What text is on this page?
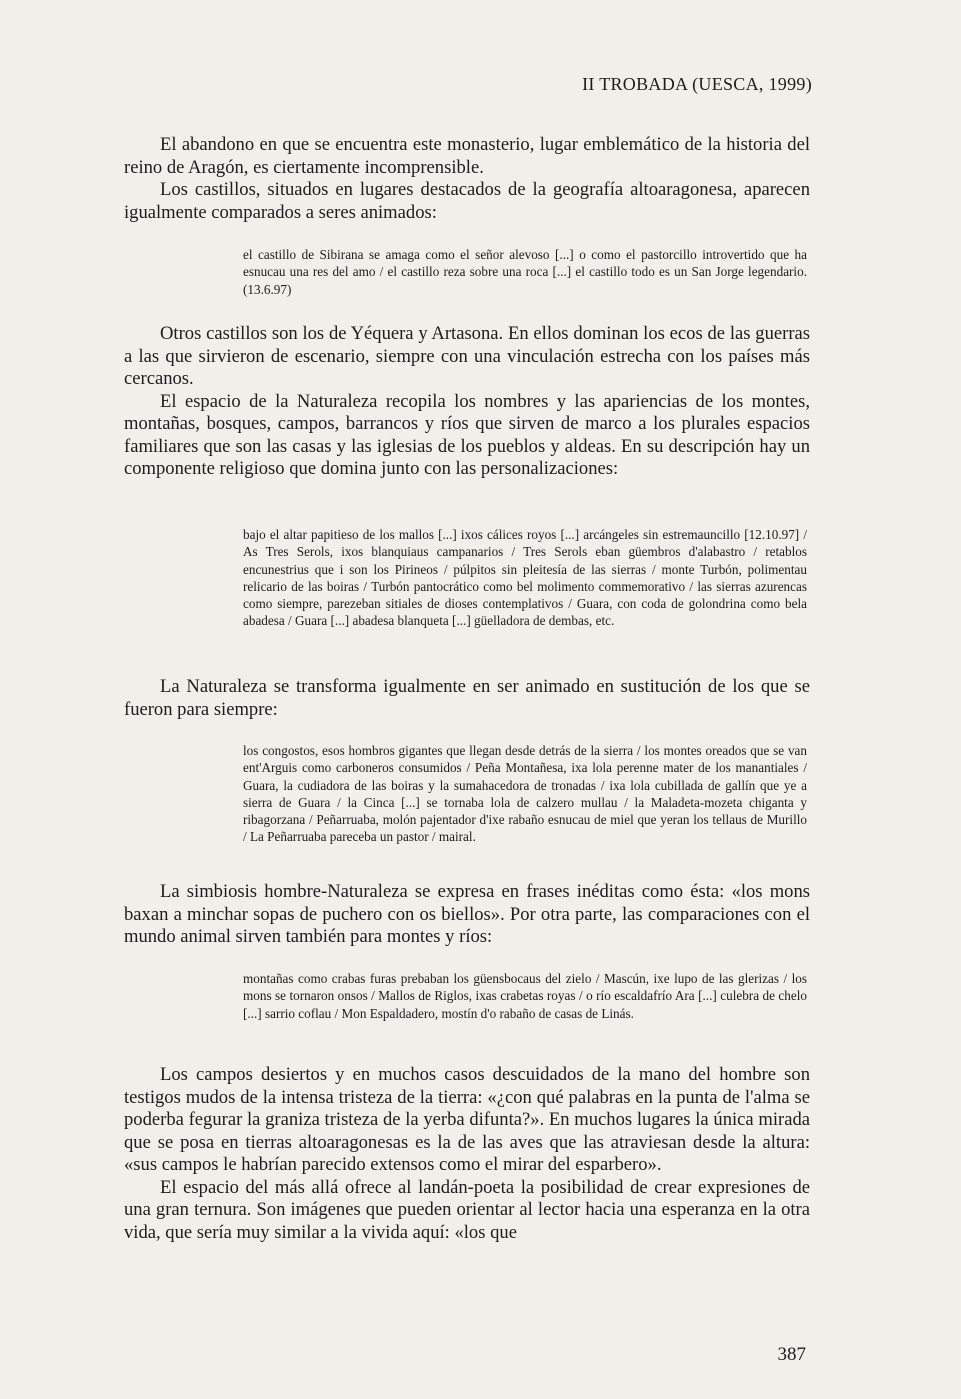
II TROBADA (UESCA, 1999)

El abandono en que se encuentra este monasterio, lugar emblemático de la historia del reino de Aragón, es ciertamente incomprensible.

Los castillos, situados en lugares destacados de la geografía altoaragonesa, aparecen igualmente comparados a seres animados:

el castillo de Sibirana se amaga como el señor alevoso [...] o como el pastorcillo introvertido que ha esnucau una res del amo / el castillo reza sobre una roca [...] el castillo todo es un San Jorge legendario. (13.6.97)

Otros castillos son los de Yéquera y Artasona. En ellos dominan los ecos de las guerras a las que sirvieron de escenario, siempre con una vinculación estrecha con los países más cercanos.

El espacio de la Naturaleza recopila los nombres y las apariencias de los montes, montañas, bosques, campos, barrancos y ríos que sirven de marco a los plurales espacios familiares que son las casas y las iglesias de los pueblos y aldeas. En su descripción hay un componente religioso que domina junto con las personalizaciones:

bajo el altar papitieso de los mallos [...] ixos cálices royos [...] arcángeles sin estremauncillo [12.10.97] / As Tres Serols, ixos blanquiaus campanarios / Tres Serols eban güembros d'alabastro / retablos encunestrius que i son los Pirineos / púlpitos sin pleitesía de las sierras / monte Turbón, polimentau relicario de las boiras / Turbón pantocrático como bel molimento commemorativo / las sierras azurencas como siempre, parezeban sitiales de dioses contemplativos / Guara, con coda de golondrina como bela abadesa / Guara [...] abadesa blanqueta [...] güelladora de dembas, etc.

La Naturaleza se transforma igualmente en ser animado en sustitución de los que se fueron para siempre:

los congostos, esos hombros gigantes que llegan desde detrás de la sierra / los montes oreados que se van ent'Arguis como carboneros consumidos / Peña Montañesa, ixa lola perenne mater de los manantiales / Guara, la cudiadora de las boiras y la sumahacedora de tronadas / ixa lola cubillada de gallín que ye a sierra de Guara / la Cinca [...] se tornaba lola de calzero mullau / la Maladeta-mozeta chiganta y ribagorzana / Peñarruaba, molón pajentador d'ixe rabaño esnucau de miel que yeran los tellaus de Murillo / La Peñarruaba pareceba un pastor / mairal.

La simbiosis hombre-Naturaleza se expresa en frases inéditas como ésta: «los mons baxan a minchar sopas de puchero con os biellos». Por otra parte, las comparaciones con el mundo animal sirven también para montes y ríos:

montañas como crabas furas prebaban los güensbocaus del zielo / Mascún, ixe lupo de las glerizas / los mons se tornaron onsos / Mallos de Riglos, ixas crabetas royas / o río escaldafrío Ara [...] culebra de chelo [...] sarrio coflau / Mon Espaldadero, mostín d'o rabaño de casas de Linás.

Los campos desiertos y en muchos casos descuidados de la mano del hombre son testigos mudos de la intensa tristeza de la tierra: «¿con qué palabras en la punta de l'alma se poderba fegurar la graniza tristeza de la yerba difunta?». En muchos lugares la única mirada que se posa en tierras altoaragonesas es la de las aves que las atraviesan desde la altura: «sus campos le habrían parecido extensos como el mirar del esparbero».

El espacio del más allá ofrece al landán-poeta la posibilidad de crear expresiones de una gran ternura. Son imágenes que pueden orientar al lector hacia una esperanza en la otra vida, que sería muy similar a la vivida aquí: «los que

387
